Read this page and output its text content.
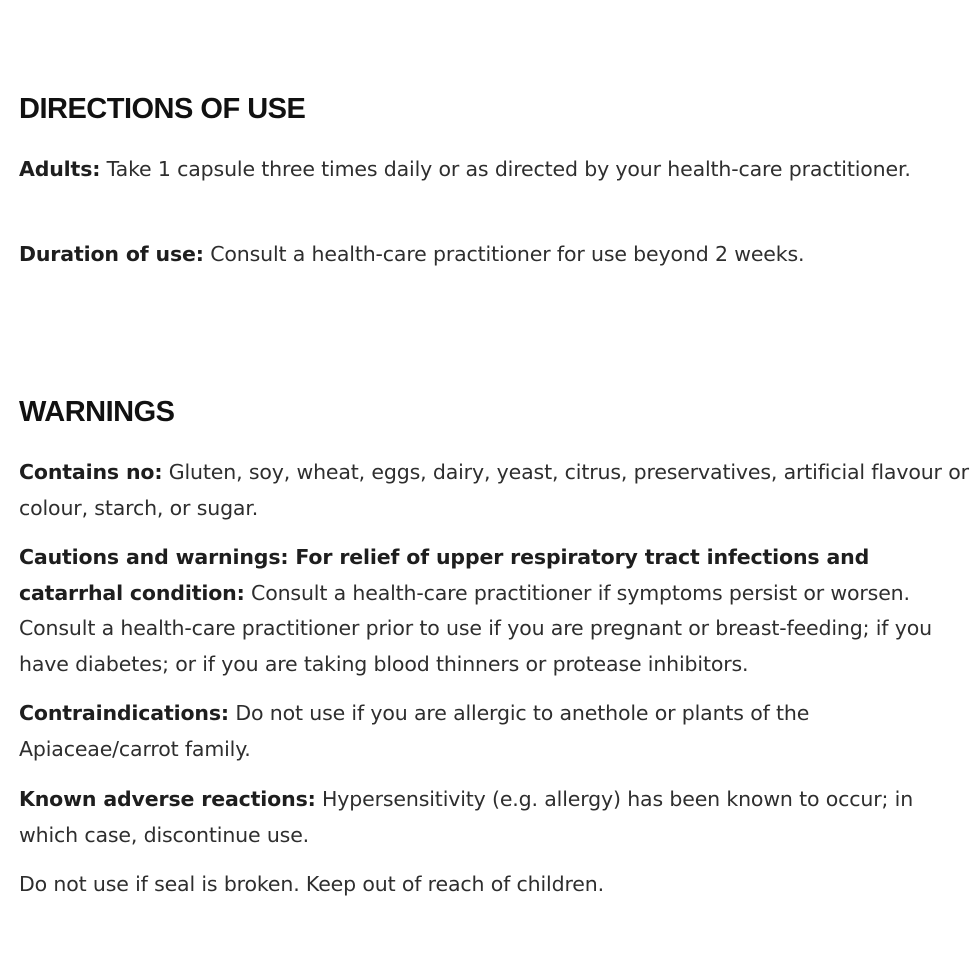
DIRECTIONS OF USE

Adults: Take 1 capsule three times daily or as directed by your health-care practitioner.

Duration of use: Consult a health-care practitioner for use beyond 2 weeks.

WARNINGS

Contains no: Gluten, soy, wheat, eggs, dairy, yeast, citrus, preservatives, artificial flavour or colour, starch, or sugar.

Cautions and warnings: For relief of upper respiratory tract infections and catarrhal condition: Consult a health-care practitioner if symptoms persist or worsen. Consult a health-care practitioner prior to use if you are pregnant or breast-feeding; if you have diabetes; or if you are taking blood thinners or protease inhibitors.

Contraindications: Do not use if you are allergic to anethole or plants of the Apiaceae/carrot family.

Known adverse reactions: Hypersensitivity (e.g. allergy) has been known to occur; in which case, discontinue use.

Do not use if seal is broken. Keep out of reach of children.
